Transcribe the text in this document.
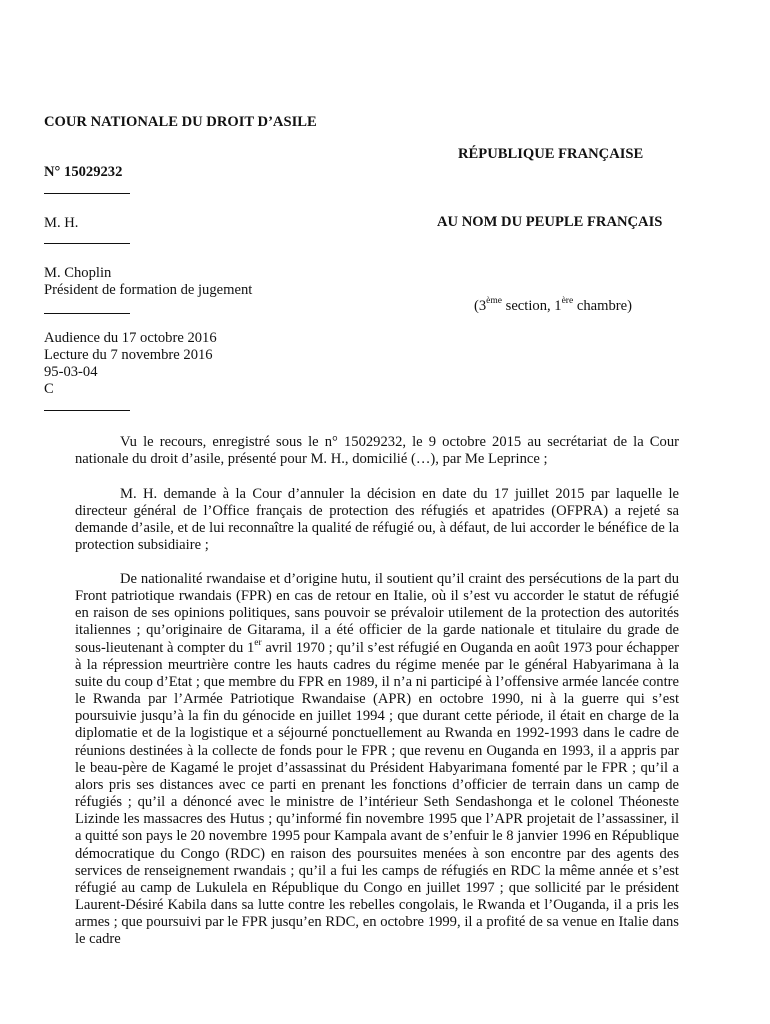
COUR NATIONALE DU DROIT D’ASILE
N° 15029232
M. H.
M. Choplin
Président de formation de jugement
Audience du 17 octobre 2016
Lecture du 7 novembre 2016
95-03-04
C
RÉPUBLIQUE FRANÇAISE
AU NOM DU PEUPLE FRANÇAIS
(3ème section, 1ère chambre)

Vu le recours, enregistré sous le n° 15029232, le 9 octobre 2015 au secrétariat de la Cour nationale du droit d’asile, présenté pour M. H., domicilié (…), par Me Leprince ;

M. H. demande à la Cour d’annuler la décision en date du 17 juillet 2015 par laquelle le directeur général de l’Office français de protection des réfugiés et apatrides (OFPRA) a rejeté sa demande d’asile, et de lui reconnaître la qualité de réfugié ou, à défaut, de lui accorder le bénéfice de la protection subsidiaire ;

De nationalité rwandaise et d’origine hutu, il soutient qu’il craint des persécutions de la part du Front patriotique rwandais (FPR) en cas de retour en Italie, où il s’est vu accorder le statut de réfugié en raison de ses opinions politiques, sans pouvoir se prévaloir utilement de la protection des autorités italiennes ; qu’originaire de Gitarama, il a été officier de la garde nationale et titulaire du grade de sous-lieutenant à compter du 1er avril 1970 ; qu’il s’est réfugié en Ouganda en août 1973 pour échapper à la répression meurtrière contre les hauts cadres du régime menée par le général Habyarimana à la suite du coup d’Etat ; que membre du FPR en 1989, il n’a ni participé à l’offensive armée lancée contre le Rwanda par l’Armée Patriotique Rwandaise (APR) en octobre 1990, ni à la guerre qui s’est poursuivie jusqu’à la fin du génocide en juillet 1994 ; que durant cette période, il était en charge de la diplomatie et de la logistique et a séjourné ponctuellement au Rwanda en 1992-1993 dans le cadre de réunions destinées à la collecte de fonds pour le FPR ; que revenu en Ouganda en 1993, il a appris par le beau-père de Kagamé le projet d’assassinat du Président Habyarimana fomenté par le FPR ; qu’il a alors pris ses distances avec ce parti en prenant les fonctions d’officier de terrain dans un camp de réfugiés ; qu’il a dénoncé avec le ministre de l’intérieur Seth Sendashonga et le colonel Théoneste Lizinde les massacres des Hutus ; qu’informé fin novembre 1995 que l’APR projetait de l’assassiner, il a quitté son pays le 20 novembre 1995 pour Kampala avant de s’enfuir le 8 janvier 1996 en République démocratique du Congo (RDC) en raison des poursuites menées à son encontre par des agents des services de renseignement rwandais ; qu’il a fui les camps de réfugiés en RDC la même année et s’est réfugié au camp de Lukulela en République du Congo en juillet 1997 ; que sollicité par le président Laurent-Désiré Kabila dans sa lutte contre les rebelles congolais, le Rwanda et l’Ouganda, il a pris les armes ; que poursuivi par le FPR jusqu’en RDC, en octobre 1999, il a profité de sa venue en Italie dans le cadre
